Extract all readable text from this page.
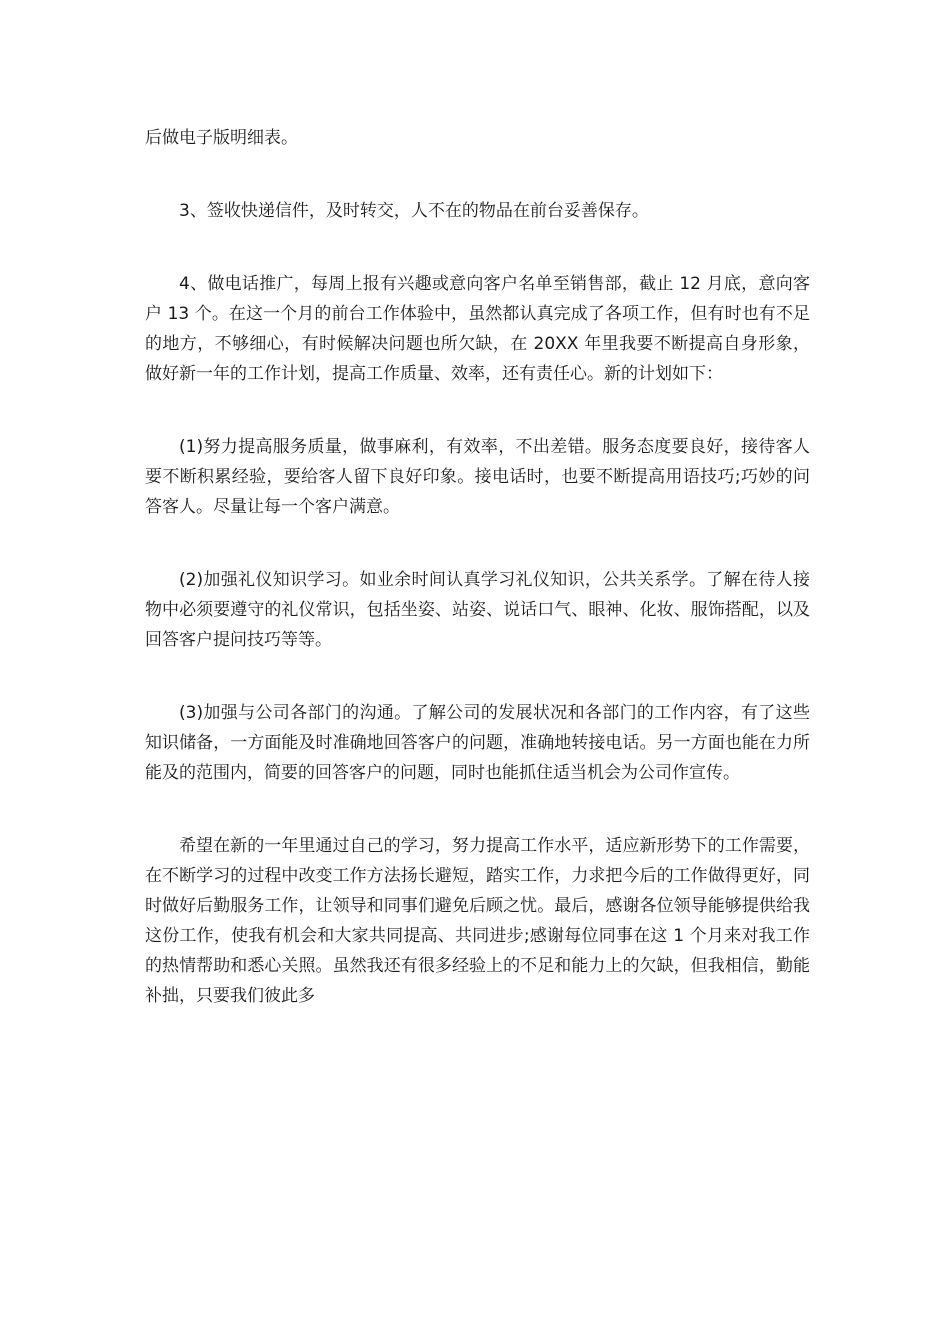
后做电子版明细表。

3、签收快递信件，及时转交，人不在的物品在前台妥善保存。

4、做电话推广，每周上报有兴趣或意向客户名单至销售部，截止 12 月底，意向客户 13 个。在这一个月的前台工作体验中，虽然都认真完成了各项工作，但有时也有不足的地方，不够细心，有时候解决问题也所欠缺，在 20XX 年里我要不断提高自身形象，做好新一年的工作计划，提高工作质量、效率，还有责任心。新的计划如下：

(1)努力提高服务质量，做事麻利，有效率，不出差错。服务态度要良好，接待客人要不断积累经验，要给客人留下良好印象。接电话时，也要不断提高用语技巧;巧妙的问答客人。尽量让每一个客户满意。

(2)加强礼仪知识学习。如业余时间认真学习礼仪知识，公共关系学。了解在待人接物中必须要遵守的礼仪常识，包括坐姿、站姿、说话口气、眼神、化妆、服饰搭配，以及回答客户提问技巧等等。

(3)加强与公司各部门的沟通。了解公司的发展状况和各部门的工作内容，有了这些知识储备，一方面能及时准确地回答客户的问题，准确地转接电话。另一方面也能在力所能及的范围内，简要的回答客户的问题，同时也能抓住适当机会为公司作宣传。

希望在新的一年里通过自己的学习，努力提高工作水平，适应新形势下的工作需要，在不断学习的过程中改变工作方法扬长避短，踏实工作，力求把今后的工作做得更好，同时做好后勤服务工作，让领导和同事们避免后顾之忧。最后，感谢各位领导能够提供给我这份工作，使我有机会和大家共同提高、共同进步;感谢每位同事在这 1 个月来对我工作的热情帮助和悉心关照。虽然我还有很多经验上的不足和能力上的欠缺，但我相信，勤能补拙，只要我们彼此多
